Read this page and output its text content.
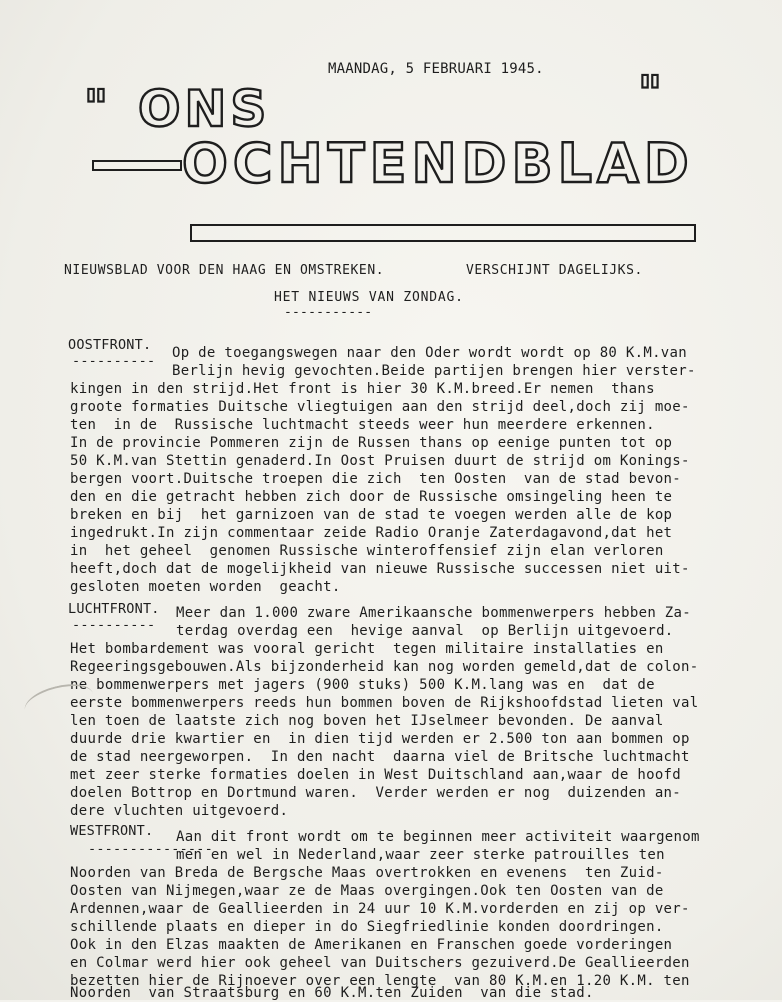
MAANDAG, 5 FEBRUARI 1945.
" ONS	"
OCHTENDBLAD
NIEUWSBLAD VOOR DEN HAAG EN OMSTREKEN.	VERSCHIJNT DAGELIJKS.
HET NIEUWS VAN ZONDAG.
-----------
OOSTFRONT.
---------- Op de toegangswegen naar den Oder wordt wordt op 80 K.M.van
Berlijn hevig gevochten.Beide partijen brengen hier verster-
kingen in den strijd.Het front is hier 30 K.M.breed.Er nemen  thans
groote formaties Duitsche vliegtuigen aan den strijd deel,doch zij moe-
ten  in de  Russische luchtmacht steeds weer hun meerdere erkennen.
In de provincie Pommeren zijn de Russen thans op eenige punten tot op
50 K.M.van Stettin genaderd.In Oost Pruisen duurt de strijd om Konings-
bergen voort.Duitsche troepen die zich  ten Oosten  van de stad bevon-
den en die getracht hebben zich door de Russische omsingeling heen te
breken en bij  het garnizoen van de stad te voegen werden alle de kop
ingedrukt.In zijn commentaar zeide Radio Oranje Zaterdagavond,dat het
in  het geheel  genomen Russische winteroffensief zijn elan verloren
heeft,doch dat de mogelijkheid van nieuwe Russische successen niet uit-
gesloten moeten worden  geacht.
LUCHTFRONT.
----------
Meer dan 1.000 zware Amerikaansche bommenwerpers hebben Za-
terdag overdag een  hevige aanval  op Berlijn uitgevoerd.
Het bombardement was vooral gericht  tegen militaire installaties en
Regeeringsgebouwen.Als bijzonderheid kan nog worden gemeld,dat de colon-
ne bommenwerpers met jagers (900 stuks) 500 K.M.lang was en  dat de
eerste bommenwerpers reeds hun bommen boven de Rijkshoofdstad lieten val
len toen de laatste zich nog boven het IJselmeer bevonden. De aanval
duurde drie kwartier en  in dien tijd werden er 2.500 ton aan bommen op
de stad neergeworpen.  In den nacht  daarna viel de Britsche luchtmacht
met zeer sterke formaties doelen in West Duitschland aan,waar de hoofd
doelen Bottrop en Dortmund waren.  Verder werden er nog  duizenden an-
dere vluchten uitgevoerd.
WESTFRONT.
---------------
Aan dit front wordt om te beginnen meer activiteit waargenom
men en wel in Nederland,waar zeer sterke patrouilles ten
Noorden van Breda de Bergsche Maas overtrokken en evenens  ten Zuid-
Oosten van Nijmegen,waar ze de Maas overgingen.Ook ten Oosten van de
Ardennen,waar de Geallieerden in 24 uur 10 K.M.vorderden en zij op ver-
schillende plaats en dieper in do Siegfriedlinie konden doordringen.
Ook in den Elzas maakten de Amerikanen en Franschen goede vorderingen
en Colmar werd hier ook geheel van Duitschers gezuiverd.De Geallieerden
bezetten hier de Rijnoever over een lengte  van 80 K.M.en 1.20 K.M. ten
Noorden  van Straatsburg en 60 K.M.ten Zuiden  van die stad.
